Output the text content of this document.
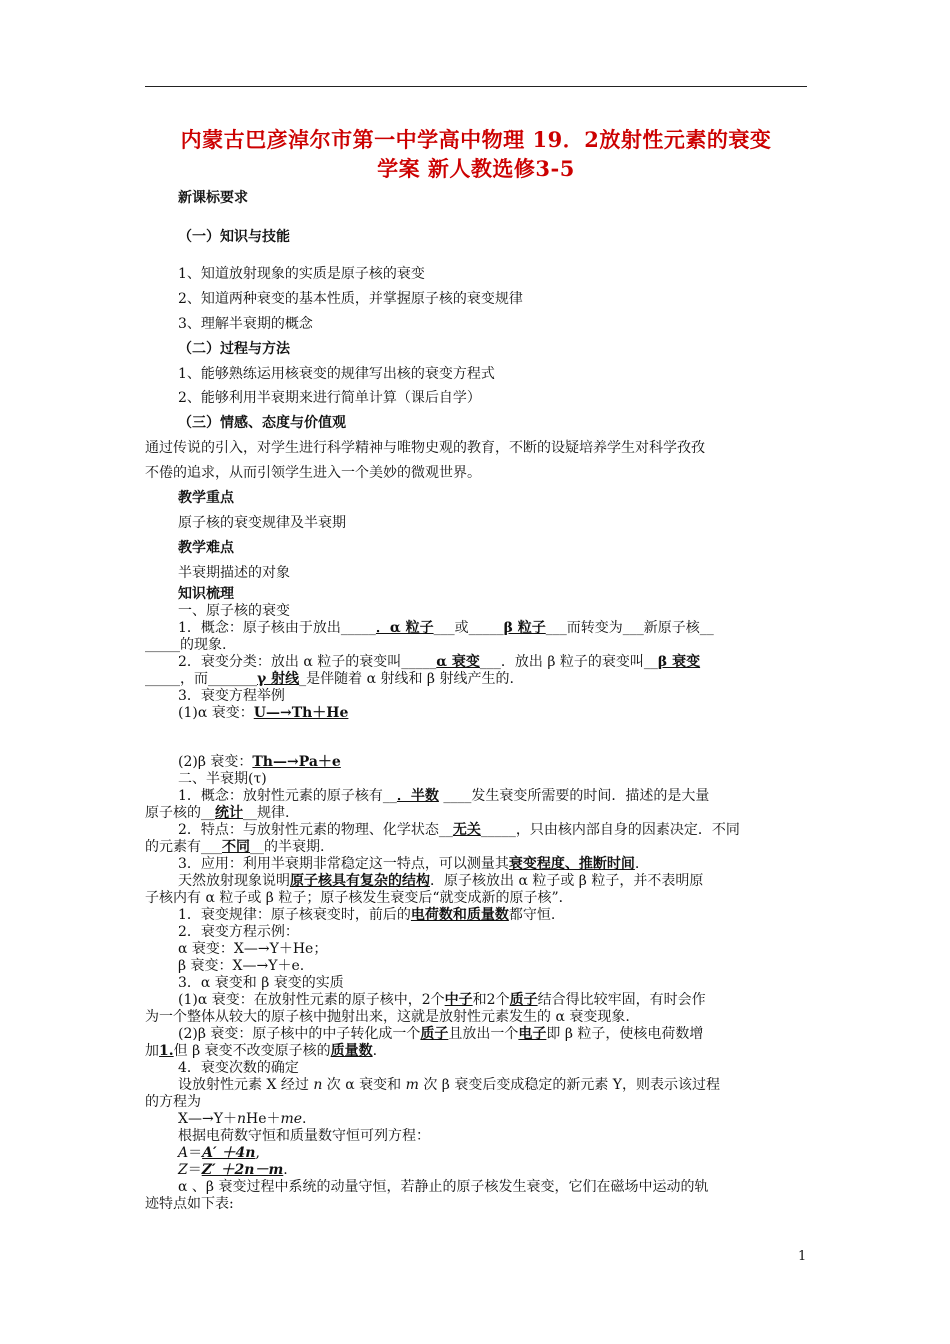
内蒙古巴彦淖尔市第一中学高中物理 19．2放射性元素的衰变
学案 新人教选修3-5
新课标要求
（一）知识与技能
1、知道放射现象的实质是原子核的衰变
2、知道两种衰变的基本性质，并掌握原子核的衰变规律
3、理解半衰期的概念
（二）过程与方法
1、能够熟练运用核衰变的规律写出核的衰变方程式
2、能够利用半衰期来进行简单计算（课后自学）
（三）情感、态度与价值观
通过传说的引入，对学生进行科学精神与唯物史观的教育，不断的设疑培养学生对科学孜孜
不倦的追求，从而引领学生进入一个美妙的微观世界。
教学重点
原子核的衰变规律及半衰期
教学难点
半衰期描述的对象
知识梳理
一、原子核的衰变
1．概念：原子核由于放出_____．α 粒子___或_____β 粒子___而转变为___新原子核__
_____的现象.
2．衰变分类：放出 α 粒子的衰变叫_____α 衰变___．放出 β 粒子的衰变叫__β 衰变
_____，而_______γ 射线_是伴随着 α 射线和 β 射线产生的.
3．衰变方程举例
(1)α 衰变：U—→Th＋He
(2)β 衰变：Th—→Pa＋e
二、半衰期(τ)
1．概念：放射性元素的原子核有__．半数 ____发生衰变所需要的时间．描述的是大量
原子核的__统计__规律.
2．特点：与放射性元素的物理、化学状态__无关_____，只由核内部自身的因素决定．不同
的元素有___不同__的半衰期.
3．应用：利用半衰期非常稳定这一特点，可以测量其衰变程度、推断时间.
天然放射现象说明原子核具有复杂的结构．原子核放出 α 粒子或 β 粒子，并不表明原
子核内有 α 粒子或 β 粒子；原子核发生衰变后“就变成新的原子核”．
1．衰变规律：原子核衰变时，前后的电荷数和质量数都守恒.
2．衰变方程示例：
α 衰变：X—→Y＋He；
β 衰变：X—→Y＋e.
3．α 衰变和 β 衰变的实质
(1)α 衰变：在放射性元素的原子核中，2个中子和2个质子结合得比较牢固，有时会作
为一个整体从较大的原子核中抛射出来，这就是放射性元素发生的 α 衰变现象.
(2)β 衰变：原子核中的中子转化成一个质子且放出一个电子即 β 粒子，使核电荷数增
加1.但 β 衰变不改变原子核的质量数.
4．衰变次数的确定
设放射性元素 X 经过 n 次 α 衰变和 m 次 β 衰变后变成稳定的新元素 Y，则表示该过程
的方程为
X—→Y＋nHe＋me.
根据电荷数守恒和质量数守恒可列方程：
A＝A′ ＋4n,
Z＝Z′ ＋2n－m.
α 、β 衰变过程中系统的动量守恒，若静止的原子核发生衰变，它们在磁场中运动的轨
迹特点如下表:
1
